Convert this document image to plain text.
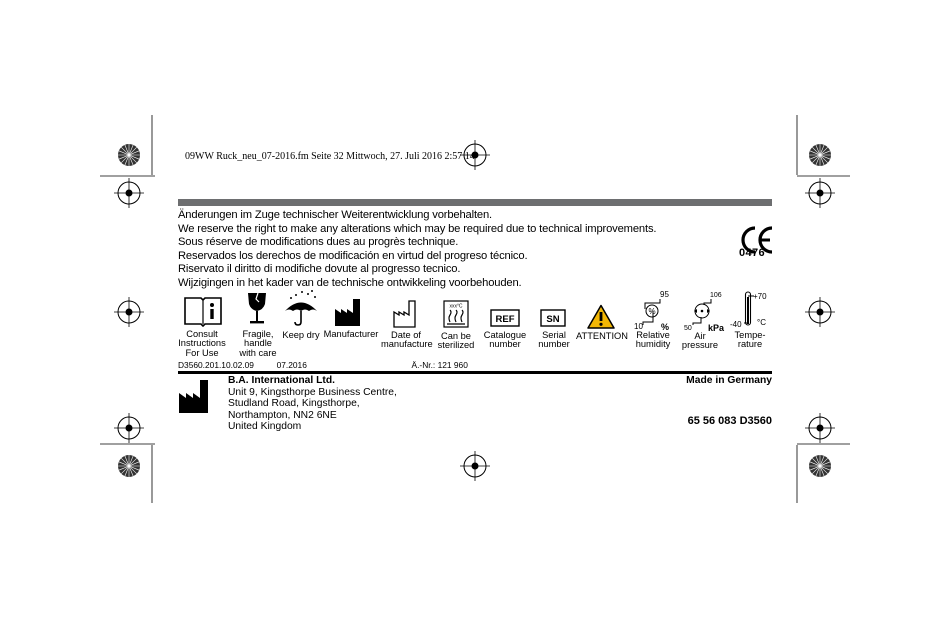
09WW Ruck_neu_07-2016.fm Seite 32 Mittwoch, 27. Juli 2016 2:57 14
Änderungen im Zuge technischer Weiterentwicklung vorbehalten.
We reserve the right to make any alterations which may be required due to technical improvements.
Sous réserve de modifications dues au progrès technique.
Reservados los derechos de modificación en virtud del progreso técnico.
Riservato il diritto di modifiche dovute al progresso tecnico.
Wijzigingen in het kader van de technische ontwikkeling voorbehouden.
0476
Consult
Instructions
For Use
Fragile,
handle
with care
Keep dry Manufacturer	Date of
manufacture
xxx°C
Can be
sterilized
REF
Catalogue
number
SN
Serial
number
ATTENTION
95
10 %
%
Relative
humidity
106
50 kPa
Air
pressure
+70
-40 °C
Tempe-
rature
D3560.201.10.02.09	07.2016	Ä.-Nr.: 121 960
B.A. International Ltd.
Unit 9, Kingsthorpe Business Centre,
Studland Road, Kingsthorpe,
Northampton, NN2 6NE
United Kingdom
Made in Germany
65 56 083 D3560
